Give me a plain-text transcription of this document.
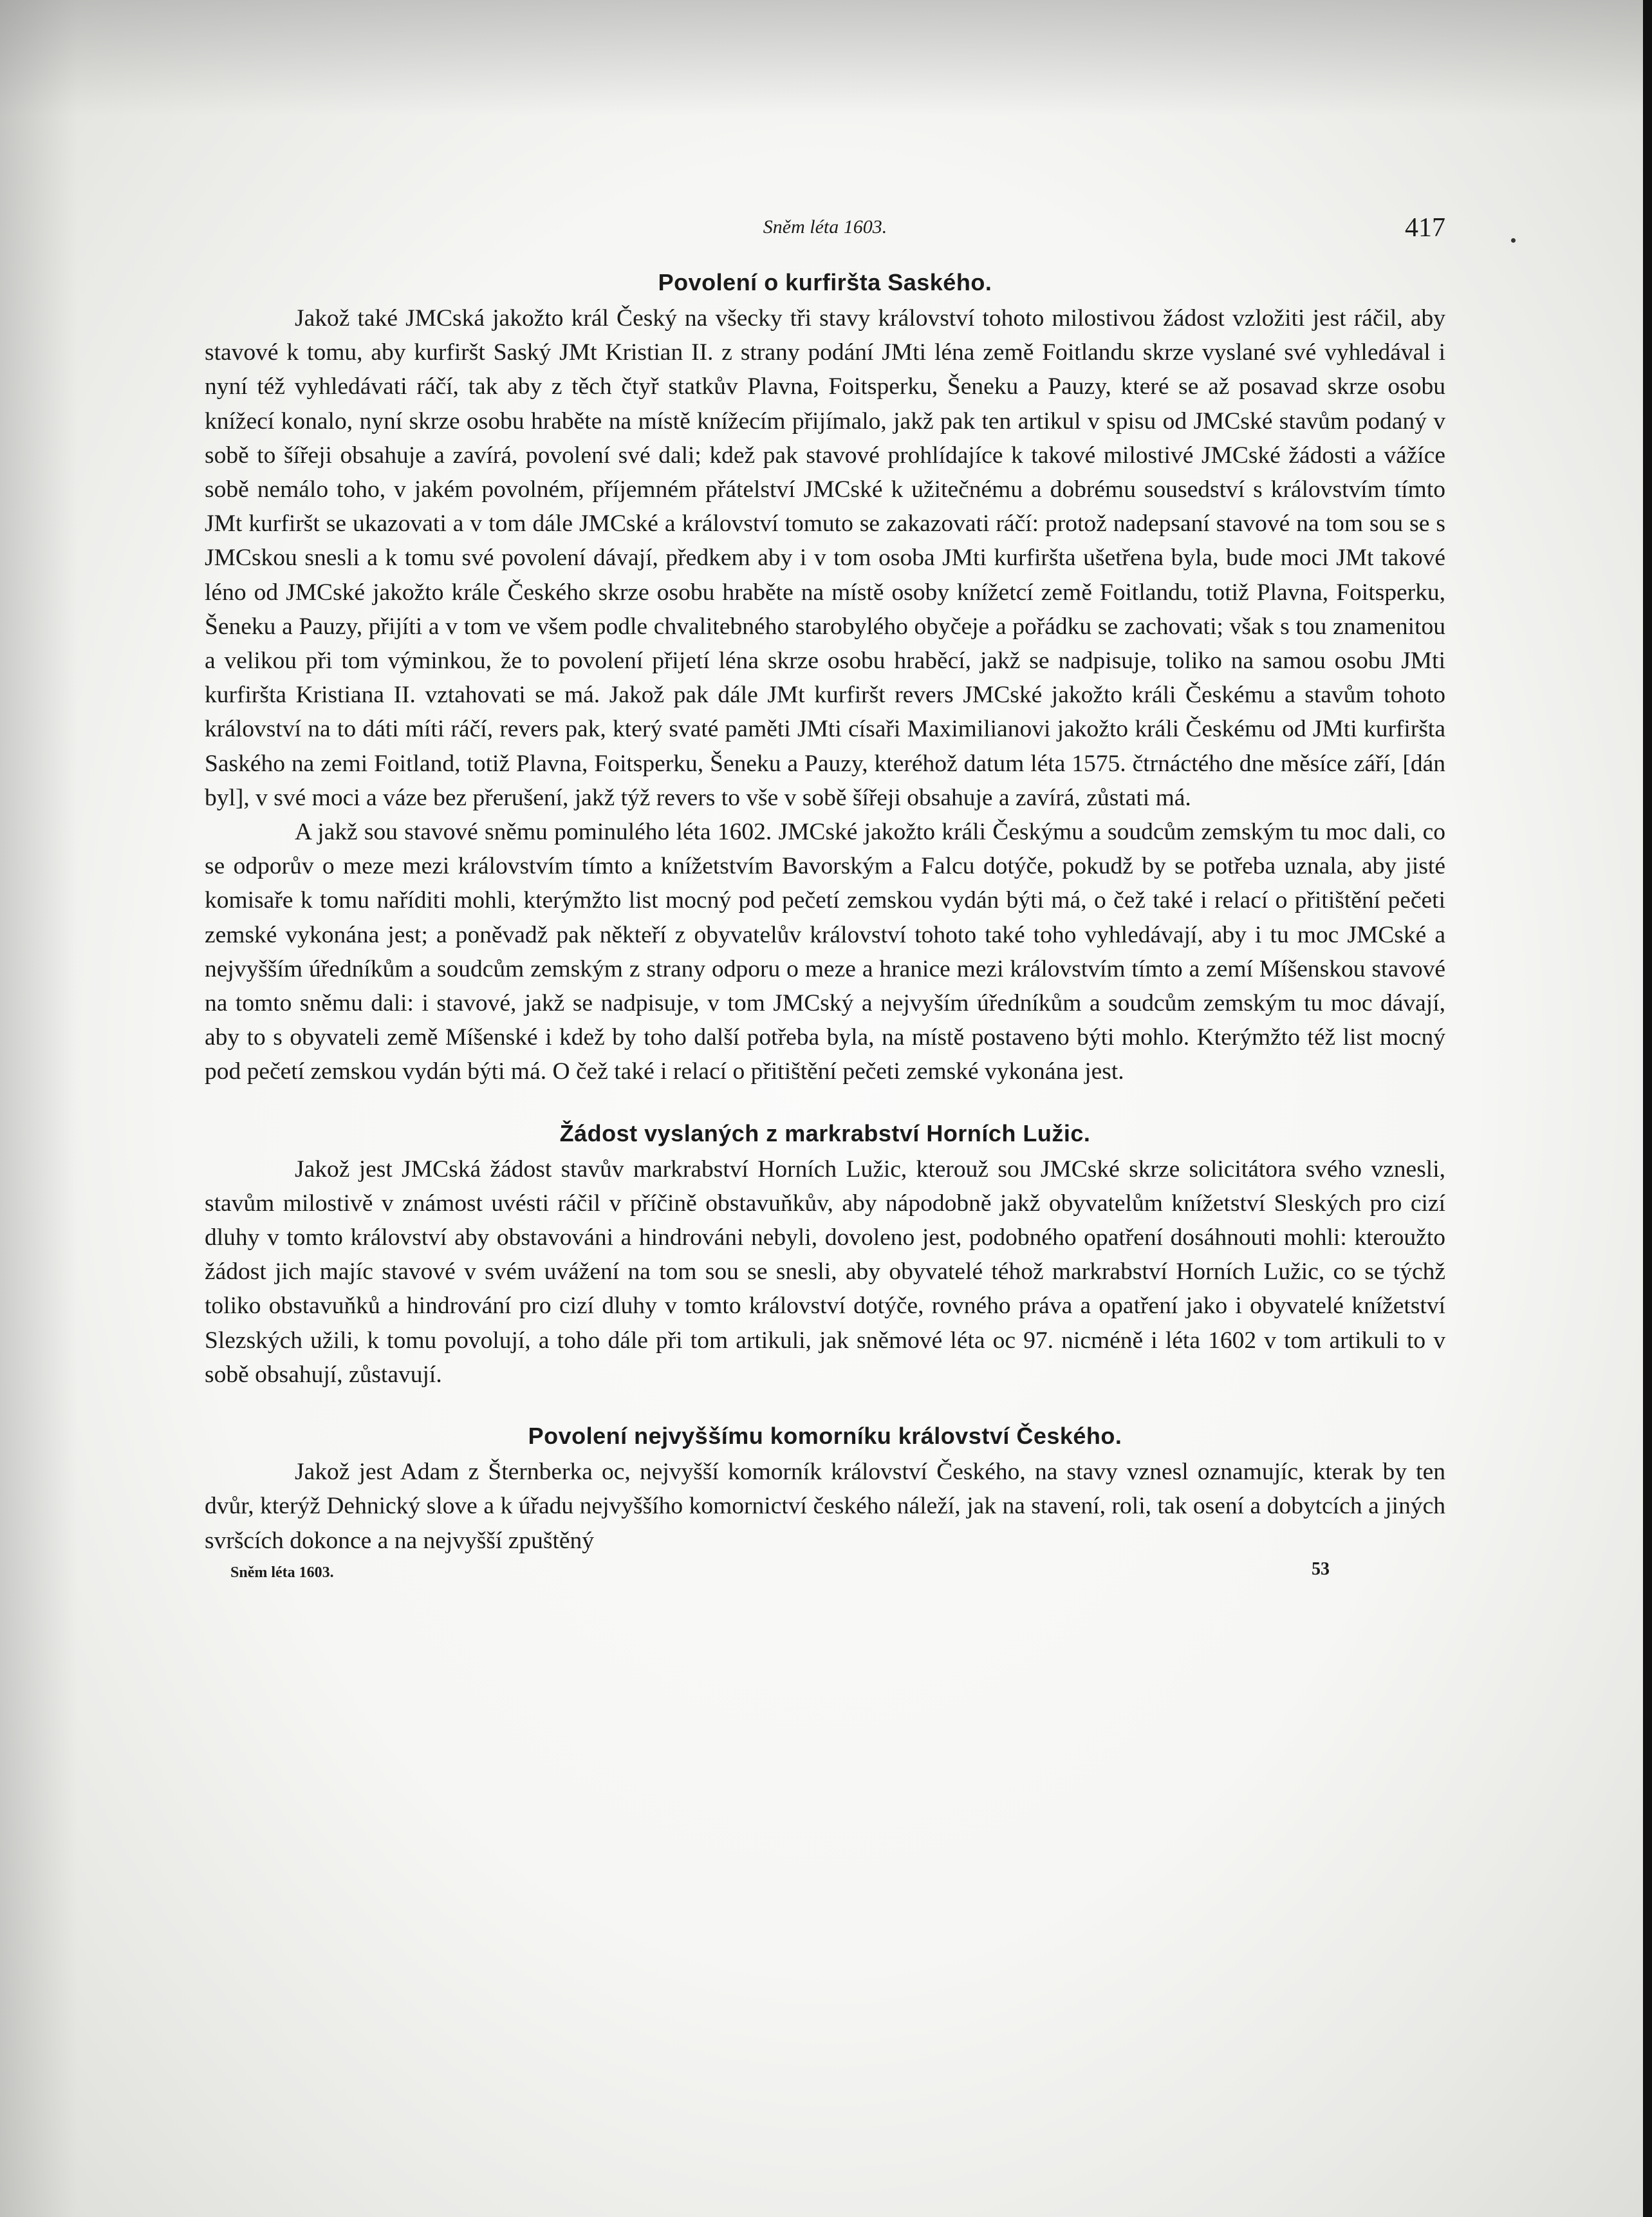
Sněm léta 1603.	417
Povolení o kurfiršta Saského.

Jakož také JMCská jakožto král Český na všecky tři stavy království tohoto milostivou žádost vzložiti jest ráčil, aby stavové k tomu, aby kurfiršt Saský JMt Kristian II. z strany podání JMti léna země Foitlandu skrze vyslané své vyhledával i nyní též vyhledávati ráčí, tak aby z těch čtyř statkův Plavna, Foitsperku, Šeneku a Pauzy, které se až posavad skrze osobu knížecí konalo, nyní skrze osobu hraběte na místě knížecím přijímalo, jakž pak ten artikul v spisu od JMCské stavům podaný v sobě to šířeji obsahuje a zavírá, povolení své dali; kdež pak stavové prohlídajíce k takové milostivé JMCské žádosti a vážíce sobě nemálo toho, v jakém povolném, příjemném přátelství JMCské k užitečnému a dobrému sousedství s královstvím tímto JMt kurfiršt se ukazovati a v tom dále JMCské a království tomuto se zakazovati ráčí: protož nadepsaní stavové na tom sou se s JMCskou snesli a k tomu své povolení dávají, předkem aby i v tom osoba JMti kurfiršta ušetřena byla, bude moci JMt takové léno od JMCské jakožto krále Českého skrze osobu hraběte na místě osoby knížetcí země Foitlandu, totiž Plavna, Foitsperku, Šeneku a Pauzy, přijíti a v tom ve všem podle chvalitebného starobylého obyčeje a pořádku se zachovati; však s tou znamenitou a velikou při tom výminkou, že to povolení přijetí léna skrze osobu hraběcí, jakž se nadpisuje, toliko na samou osobu JMti kurfiršta Kristiana II. vztahovati se má. Jakož pak dále JMt kurfiršt revers JMCské jakožto králi Českému a stavům tohoto království na to dáti míti ráčí, revers pak, který svaté paměti JMti císaři Maximilianovi jakožto králi Českému od JMti kurfiršta Saského na zemi Foitland, totiž Plavna, Foitsperku, Šeneku a Pauzy, kteréhož datum léta 1575. čtrnáctého dne měsíce září, [dán byl], v své moci a váze bez přerušení, jakž týž revers to vše v sobě šířeji obsahuje a zavírá, zůstati má.

A jakž sou stavové sněmu pominulého léta 1602. JMCské jakožto králi Českýmu a soudcům zemským tu moc dali, co se odporův o meze mezi královstvím tímto a knížetstvím Bavorským a Falcu dotýče, pokudž by se potřeba uznala, aby jisté komisaře k tomu naříditi mohli, kterýmžto list mocný pod pečetí zemskou vydán býti má, o čež také i relací o přitištění pečeti zemské vykonána jest; a poněvadž pak někteří z obyvatelův království tohoto také toho vyhledávají, aby i tu moc JMCské a nejvyšším úředníkům a soudcům zemským z strany odporu o meze a hranice mezi královstvím tímto a zemí Míšenskou stavové na tomto sněmu dali: i stavové, jakž se nadpisuje, v tom JMCský a nejvyším úředníkům a soudcům zemským tu moc dávají, aby to s obyvateli země Míšenské i kdež by toho další potřeba byla, na místě postaveno býti mohlo. Kterýmžto též list mocný pod pečetí zemskou vydán býti má. O čež také i relací o přitištění pečeti zemské vykonána jest.

Žádost vyslaných z markrabství Horních Lužic.

Jakož jest JMCská žádost stavův markrabství Horních Lužic, kterouž sou JMCské skrze solicitátora svého vznesli, stavům milostivě v známost uvésti ráčil v příčině obstavuňkův, aby nápodobně jakž obyvatelům knížetství Sleských pro cizí dluhy v tomto království aby obstavováni a hindrováni nebyli, dovoleno jest, podobného opatření dosáhnouti mohli: kteroužto žádost jich majíc stavové v svém uvážení na tom sou se snesli, aby obyvatelé téhož markrabství Horních Lužic, co se týchž toliko obstavuňků a hindrování pro cizí dluhy v tomto království dotýče, rovného práva a opatření jako i obyvatelé knížetství Slezských užili, k tomu povolují, a toho dále při tom artikuli, jak sněmové léta oc 97. nicméně i léta 1602 v tom artikuli to v sobě obsahují, zůstavují.

Povolení nejvyššímu komorníku království Českého.

Jakož jest Adam z Šternberka oc, nejvyšší komorník království Českého, na stavy vznesl oznamujíc, kterak by ten dvůr, kterýž Dehnický slove a k úřadu nejvyššího komornictví českého náleží, jak na stavení, roli, tak osení a dobytcích a jiných svršcích dokonce a na nejvyšší zpuštěný

Sněm léta 1603.	53
